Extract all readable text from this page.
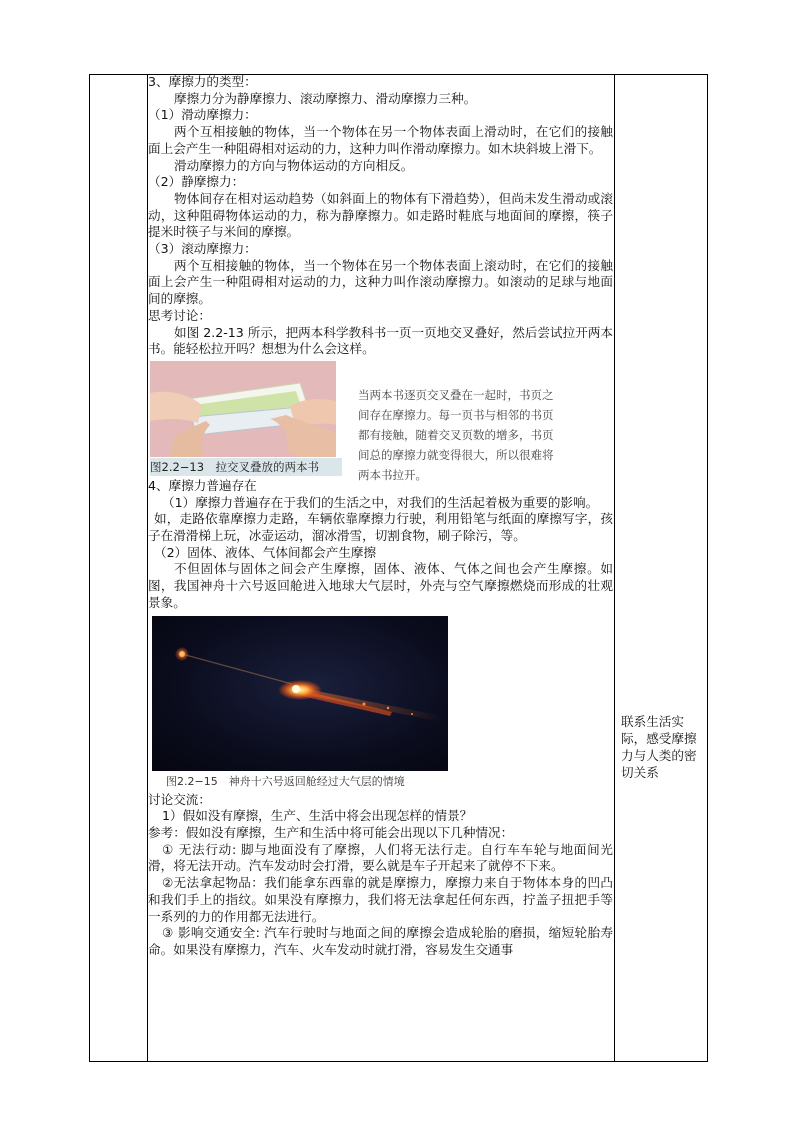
3、摩擦力的类型：

摩擦力分为静摩擦力、滚动摩擦力、滑动摩擦力三种。

（1）滑动摩擦力：

两个互相接触的物体，当一个物体在另一个物体表面上滑动时，在它们的接触面上会产生一种阻碍相对运动的力，这种力叫作滑动摩擦力。如木块斜坡上滑下。

滑动摩擦力的方向与物体运动的方向相反。

（2）静摩擦力：

物体间存在相对运动趋势（如斜面上的物体有下滑趋势），但尚未发生滑动或滚动，这种阻碍物体运动的力，称为静摩擦力。如走路时鞋底与地面间的摩擦，筷子提米时筷子与米间的摩擦。

（3）滚动摩擦力：

两个互相接触的物体，当一个物体在另一个物体表面上滚动时，在它们的接触面上会产生一种阻碍相对运动的力，这种力叫作滚动摩擦力。如滚动的足球与地面间的摩擦。

思考讨论：

如图 2.2-13 所示，把两本科学教科书一页一页地交叉叠好，然后尝试拉开两本书。能轻松拉开吗？想想为什么会这样。

图2.2−13　拉交叉叠放的两本书
当两本书逐页交叉叠在一起时，书页之间存在摩擦力。每一页书与相邻的书页都有接触，随着交叉页数的增多，书页间总的摩擦力就变得很大，所以很难将两本书拉开。

4、摩擦力普遍存在

（1）摩擦力普遍存在于我们的生活之中，对我们的生活起着极为重要的影响。

如，走路依靠摩擦力走路，车辆依靠摩擦力行驶，利用铅笔与纸面的摩擦写字，孩子在滑滑梯上玩，冰壶运动，溜冰滑雪，切割食物，刷子除污，等。

（2）固体、液体、气体间都会产生摩擦

不但固体与固体之间会产生摩擦，固体、液体、气体之间也会产生摩擦。如图，我国神舟十六号返回舱进入地球大气层时，外壳与空气摩擦燃烧而形成的壮观景象。

图2.2−15　神舟十六号返回舱经过大气层的情境

讨论交流：

1）假如没有摩擦，生产、生活中将会出现怎样的情景？

参考：假如没有摩擦，生产和生活中将可能会出现以下几种情况：

① 无法行动: 脚与地面没有了摩擦，人们将无法行走。自行车车轮与地面间光滑，将无法开动。汽车发动时会打滑，要么就是车子开起来了就停不下来。

②无法拿起物品：我们能拿东西靠的就是摩擦力，摩擦力来自于物体本身的凹凸和我们手上的指纹。如果没有摩擦力，我们将无法拿起任何东西，拧盖子扭把手等一系列的力的作用都无法进行。

③ 影响交通安全: 汽车行驶时与地面之间的摩擦会造成轮胎的磨损，缩短轮胎寿命。如果没有摩擦力，汽车、火车发动时就打滑，容易发生交通事

联系生活实际，感受摩擦力与人类的密切关系
